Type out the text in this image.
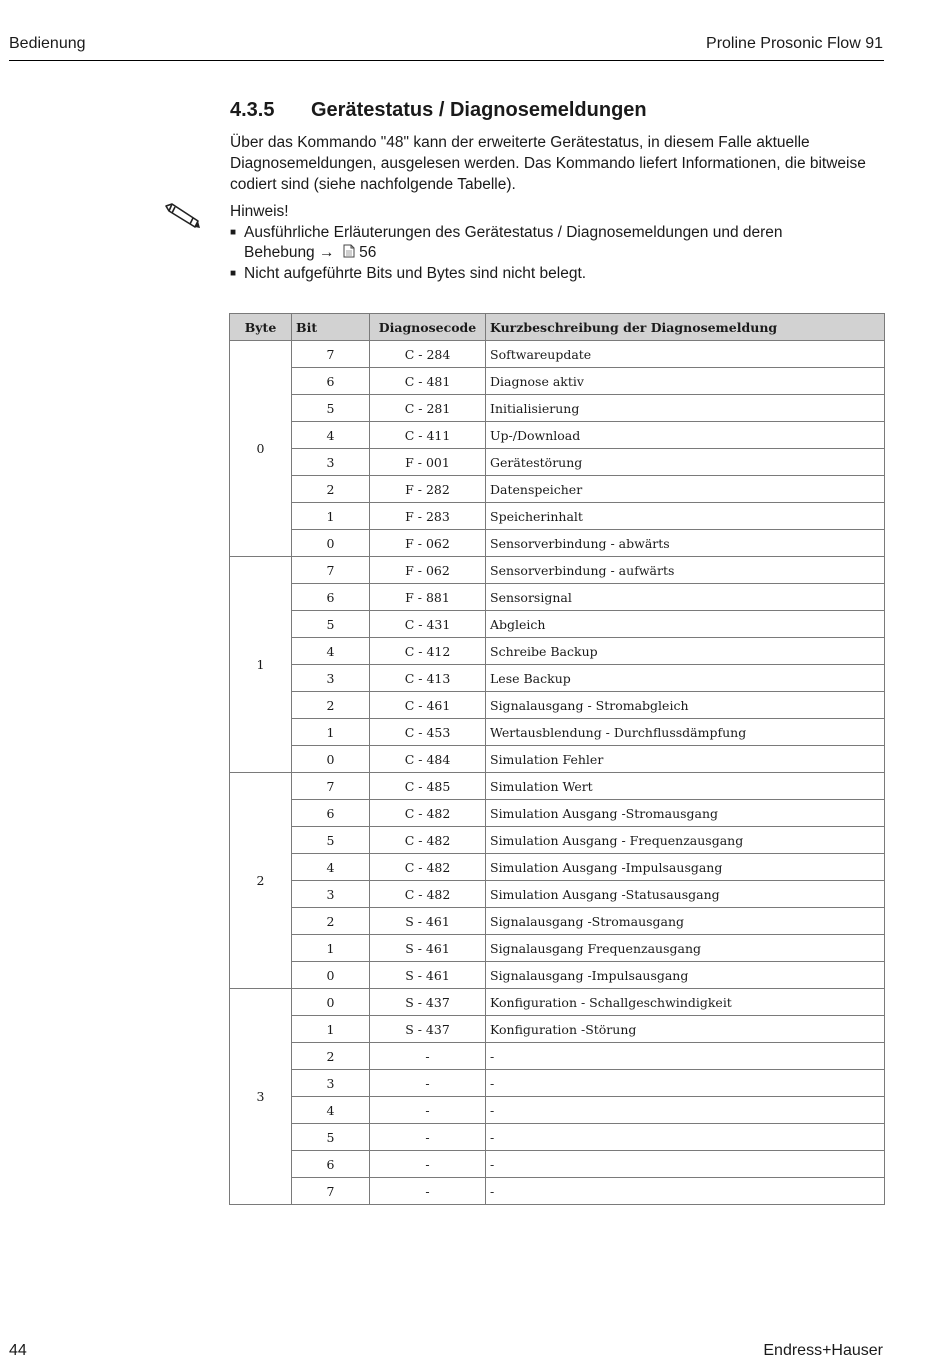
Bedienung	Proline Prosonic Flow 91
4.3.5 Gerätestatus / Diagnosemeldungen
Über das Kommando "48" kann der erweiterte Gerätestatus, in diesem Falle aktuelle Diagnosemeldungen, ausgelesen werden. Das Kommando liefert Informationen, die bitweise codiert sind (siehe nachfolgende Tabelle).
Hinweis!
■ Ausführliche Erläuterungen des Gerätestatus / Diagnosemeldungen und deren Behebung → 56
■ Nicht aufgeführte Bits und Bytes sind nicht belegt.
Byte	Bit	Diagnosecode	Kurzbeschreibung der Diagnosemeldung
0	7	C - 284	Softwareupdate
	6	C - 481	Diagnose aktiv
	5	C - 281	Initialisierung
	4	C - 411	Up-/Download
	3	F - 001	Gerätestörung
	2	F - 282	Datenspeicher
	1	F - 283	Speicherinhalt
	0	F - 062	Sensorverbindung - abwärts
1	7	F - 062	Sensorverbindung - aufwärts
	6	F - 881	Sensorsignal
	5	C - 431	Abgleich
	4	C - 412	Schreibe Backup
	3	C - 413	Lese Backup
	2	C - 461	Signalausgang - Stromabgleich
	1	C - 453	Wertausblendung - Durchflussdämpfung
	0	C - 484	Simulation Fehler
2	7	C - 485	Simulation Wert
	6	C - 482	Simulation Ausgang -Stromausgang
	5	C - 482	Simulation Ausgang - Frequenzausgang
	4	C - 482	Simulation Ausgang -Impulsausgang
	3	C - 482	Simulation Ausgang -Statusausgang
	2	S - 461	Signalausgang -Stromausgang
	1	S - 461	Signalausgang Frequenzausgang
	0	S - 461	Signalausgang -Impulsausgang
3	0	S - 437	Konfiguration - Schallgeschwindigkeit
	1	S - 437	Konfiguration -Störung
	2	-	-
	3	-	-
	4	-	-
	5	-	-
	6	-	-
	7	-	-
44	Endress+Hauser
